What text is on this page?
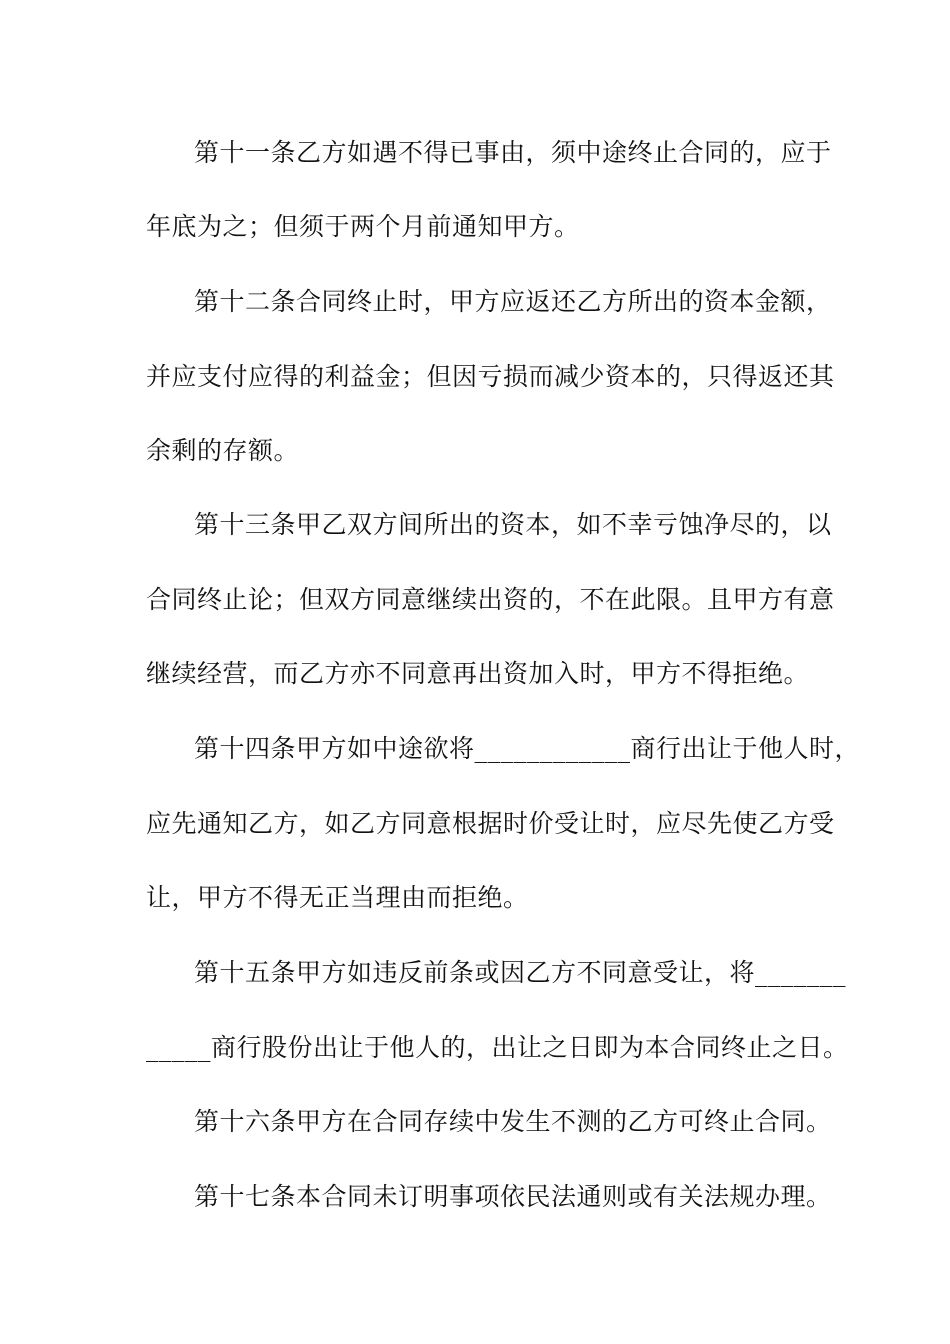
第十一条乙方如遇不得已事由，须中途终止合同的，应于
年底为之；但须于两个月前通知甲方。
第十二条合同终止时，甲方应返还乙方所出的资本金额，
并应支付应得的利益金；但因亏损而减少资本的，只得返还其
余剩的存额。
第十三条甲乙双方间所出的资本，如不幸亏蚀净尽的，以
合同终止论；但双方同意继续出资的，不在此限。且甲方有意
继续经营，而乙方亦不同意再出资加入时，甲方不得拒绝。
第十四条甲方如中途欲将____________商行出让于他人时，
应先通知乙方，如乙方同意根据时价受让时，应尽先使乙方受
让，甲方不得无正当理由而拒绝。
第十五条甲方如违反前条或因乙方不同意受让，将_______
_____商行股份出让于他人的，出让之日即为本合同终止之日。
第十六条甲方在合同存续中发生不测的乙方可终止合同。
第十七条本合同未订明事项依民法通则或有关法规办理。
